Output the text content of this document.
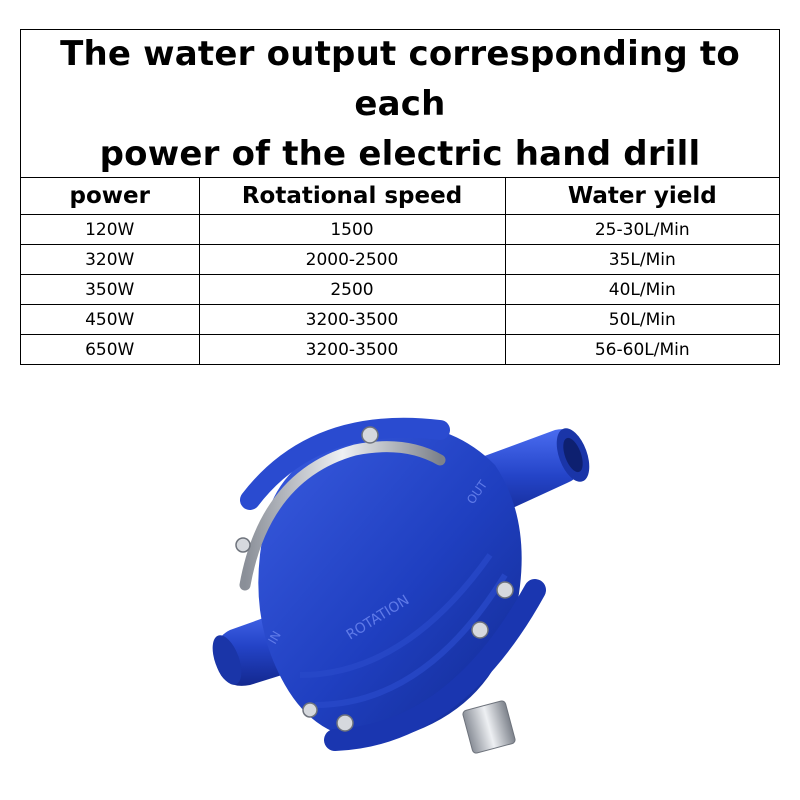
The water output corresponding to each
power of the electric hand drill
power	Rotational speed	Water yield
120W	1500	25-30L/Min
320W	2000-2500	35L/Min
350W	2500	40L/Min
450W	3200-3500	50L/Min
650W	3200-3500	56-60L/Min
OUT
ROTATION
IN
